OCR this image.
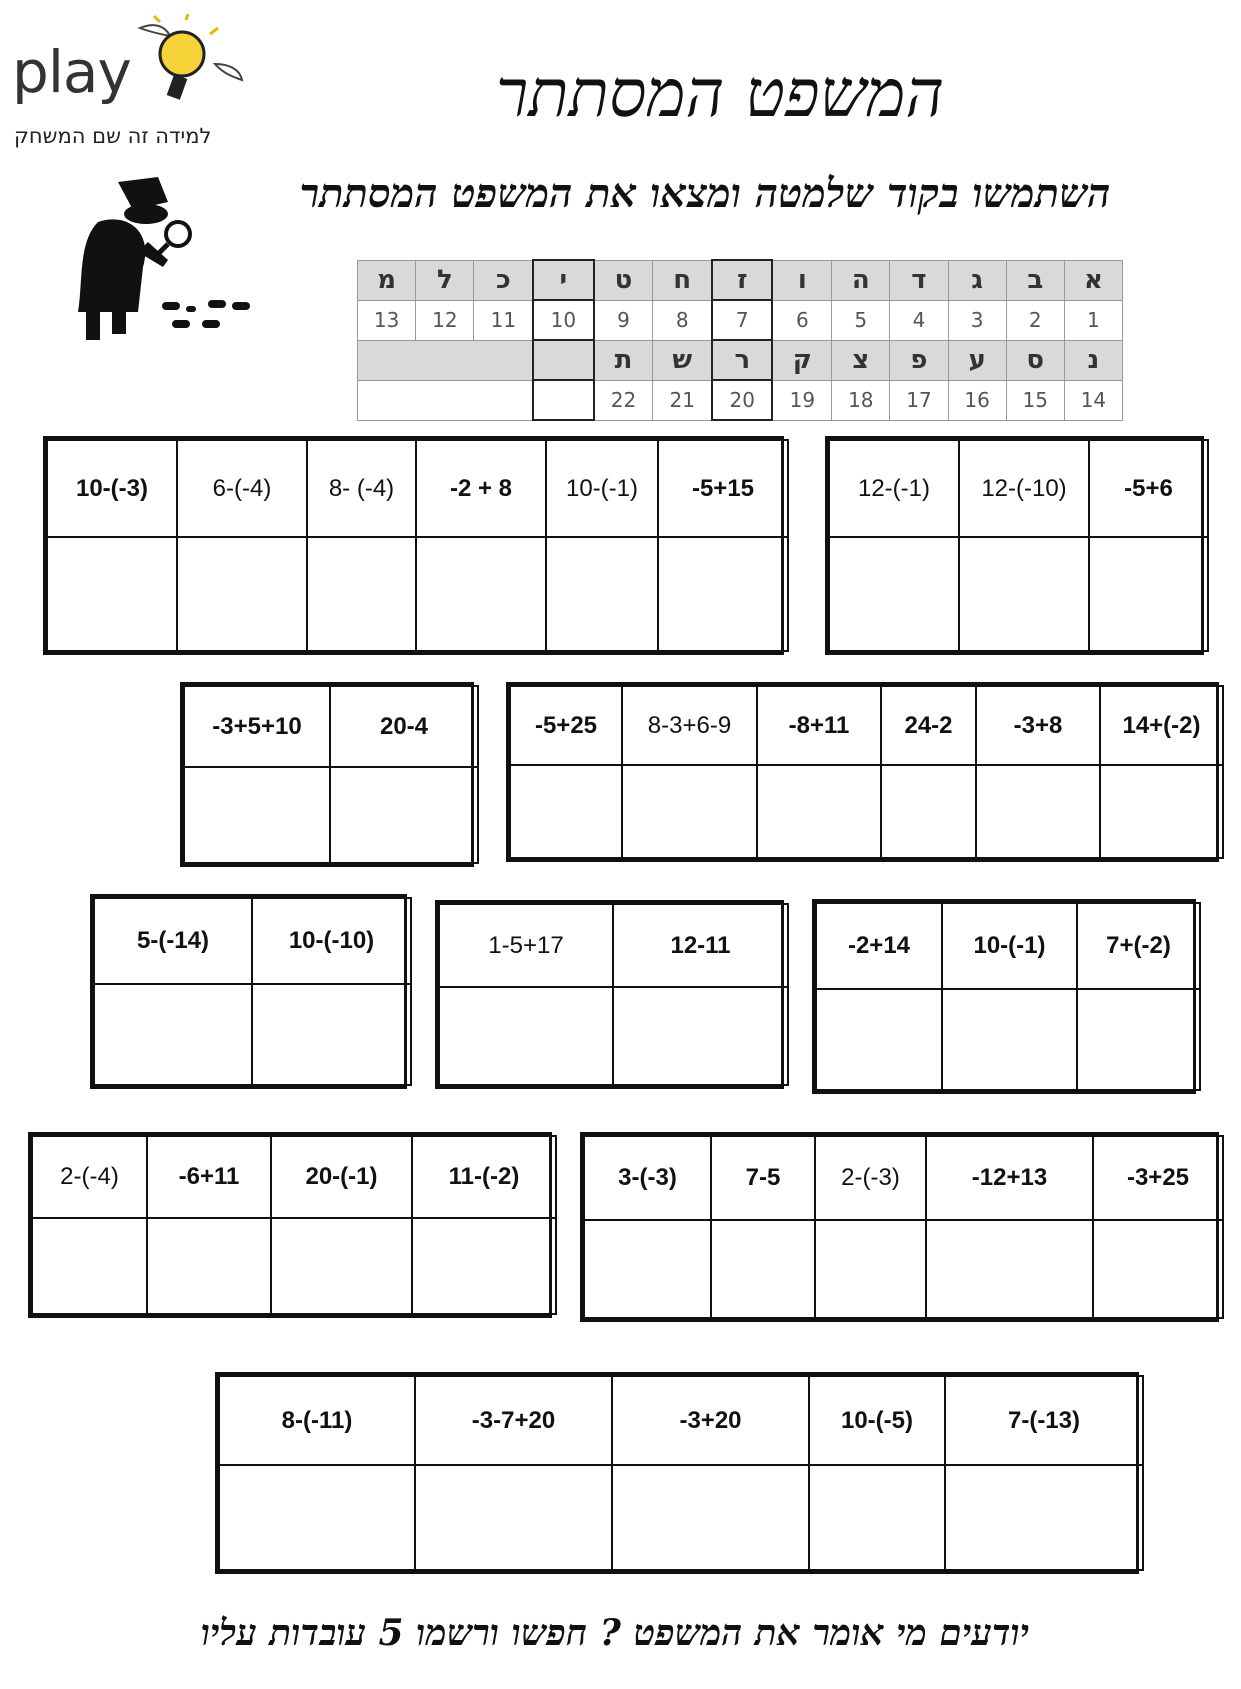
play
למידה זה שם המשחק
המשפט המסתתר
השתמשו בקוד שלמטה ומצאו את המשפט המסתתר
א	ב	ג	ד	ה	ו	ז	ח	ט	י	כ	ל	מ
1	2	3	4	5	6	7	8	9	10	11	12	13
נ	ס	ע	פ	צ	ק	ר	ש	ת				
14	15	16	17	18	19	20	21	22				
10-(-3)	6-(-4)	8- (-4)	-2 + 8	10-(-1)	-5+15
						12-(-1)	12-(-10)	-5+6

-3+5+10	20-4
		-5+25	8-3+6-9	-8+11	24-2	-3+8	14+(-2)

5-(-14)	10-(-10)
		1-5+17	12-11
		-2+14	10-(-1)	7+(-2)

2-(-4)	-6+11	20-(-1)	11-(-2)
				3-(-3)	7-5	2-(-3)	-12+13	-3+25

8-(-11)	-3-7+20	-3+20	10-(-5)	7-(-13)

יודעים מי אומר את המשפט ? חפשו ורשמו 5 עובדות עליו
